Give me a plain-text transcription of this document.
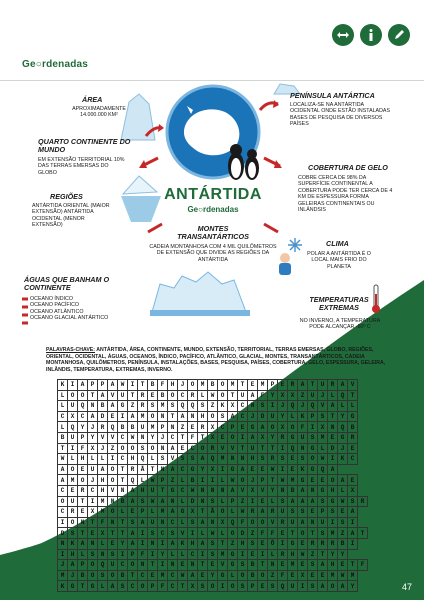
Ge○rdenadas
ÁREA
APROXIMADAMENTE 14.000.000 KM²
QUARTO CONTINENTE DO MUNDO
EM EXTENSÃO TERRITORIAL 10% DAS TERRAS EMERSAS DO GLOBO
REGIÕES
ANTÁRTIDA ORIENTAL (MAIOR EXTENSÃO) ANTÁRTIDA OCIDENTAL (MENOR EXTENSÃO)
ÁGUAS QUE BANHAM O CONTINENTE
OCEANO ÍNDICO
OCEANO PACÍFICO
OCEANO ATLÂNTICO
OCEANO GLACIAL ANTÁRTICO
ANTÁRTIDA
Ge○rdenadas
MONTES TRANSANTÁRTICOS
CADEIA MONTANHOSA COM 4 MIL QUILÔMETROS DE EXTENSÃO QUE DIVIDE AS REGIÕES DA ANTÁRTIDA
PENÍNSULA ANTÁRTICA
LOCALIZA-SE NA ANTÁRTIDA OCIDENTAL ONDE ESTÃO INSTALADAS BASES DE PESQUISA DE DIVERSOS PAÍSES
COBERTURA DE GELO
COBRE CERCA DE 98% DA SUPERFÍCIE CONTINENTAL A COBERTURA PODE TER CERCA DE 4 KM DE ESPESSURA FORMA GELEIRAS CONTINENTAIS OU INLÂNDSIS
CLIMA
POLAR A ANTÁRTIDA É O LOCAL MAIS FRIO DO PLANETA
TEMPERATURAS EXTREMAS
NO INVERNO, A TEMPERATURA PODE ALCANÇAR -80º C
PALAVRAS-CHAVE: ANTÁRTIDA, ÁREA, CONTINENTE, MUNDO, EXTENSÃO, TERRITORIAL, TERRAS EMERSAS, GLOBO, REGIÕES, ORIENTAL, OCIDENTAL, ÁGUAS, OCEANOS, ÍNDICO, PACÍFICO, ATLÂNTICO, GLACIAL, MONTES, TRANSANTÁRTICOS, CADEIA MONTANHOSA, QUILÔMETROS, PENÍNSULA, INSTALAÇÕES, BASES, PESQUISA, PAÍSES, COBERTURA, GELO, ESPESSURA, GELEIRA, INLÂNDIS, TEMPERATURA, EXTREMAS, INVERNO.
K	I	A	P	P	A	W	I	T	B	F	H	J	O	M	B	O	M	T	E	M	P	E	R	A	T	U	R	A	V	
L	O	O	T	A	V	U	T	R	E	B	O	C	R	L	W	O	T	U	A	F	Y	X	X	Z	U	J	L	Q	T	
L	U	Q	N	B	A	G	Z	R	S	M	S	Q	Q	S	Z	K	X	C	N	S	I	J	Q	J	Q	V	A	L	L	
C	X	C	A	D	E	I	A	M	O	N	T	A	N	H	O	S	A	C	J	D	U	Y	L	K	P	S	T	Y	G	
L	Q	Y	J	R	Q	B	B	U	M	P	N	Z	E	R	X	C	P	E	G	A	O	X	O	F	I	X	N	Q	B	
B	U	P	Y	V	V	C	W	N	Y	J	C	T	F	T	X	E	O	I	A	X	Y	R	G	U	S	M	E	G	R	
T	I	F	X	J	Z	O	O	S	O	N	A	E	C	O	R	V	V	T	U	T	T	I	Q	N	G	L	D	J	E	
W	L	H	L	L	I	C	H	Q	L	S	V	S	S	A	Q	M	N	N	H	S	R	S	E	S	O	W	I	K	C	
A	O	E	U	A	O	T	R	Ã	T	N	A	C	G	Y	X	I	G	A	E	E	W	I	E	K	G	Q	A			
A	M	O	J	H	O	T	Q	L	W	P	Z	L	B	I	I	L	W	O	J	P	T	W	M	G	E	E	O	A	E	
C	E	R	C	H	V	N	A	H	U	T	G	C	W	N	N	N	A	V	X	V	Y	N	B	A	N	G	H	L	X	
O	U	T	I	M	N	B	A	S	W	A	N	L	D	N	S	L	P	Z	I	E	L	S	A	A	A	S	G	W	S	R
C	R	E	X	M	O	L	E	P	L	M	A	G	X	T	Ã	O	L	W	R	A	R	U	S	S	E	P	S	E	A	
I	O	N	T	F	N	T	S	A	U	N	C	L	S	A	N	X	Q	F	O	O	V	R	U	A	N	U	I	S	I	
D	S	T	E	X	T	T	A	I	S	C	S	V	I	L	W	L	O	D	Z	F	F	E	T	O	T	S	M	Z	A	T
N	K	A	N	L	E	Y	A	I	N	I	A	K	H	A	S	T	Z	H	S	E	Õ	I	G	E	R	R	R	B	I	
I	H	L	S	N	S	I	P	F	I	Y	L	L	C	I	S	M	G	I	E	I	L	R	H	W	Z	T	Y	Y		
J	A	P	O	Q	U	C	O	N	T	I	N	E	N	T	E	V	G	S	B	T	N	E	M	E	S	A	H	E	T	F
M	J	B	O	S	O	B	T	C	E	M	C	W	A	E	Y	G	L	O	B	O	Z	F	E	X	E	E	M	W	M	
K	G	T	G	L	A	S	C	O	P	F	C	T	X	S	O	I	O	S	P	E	S	Q	U	I	S	A	O	A	Y		47
